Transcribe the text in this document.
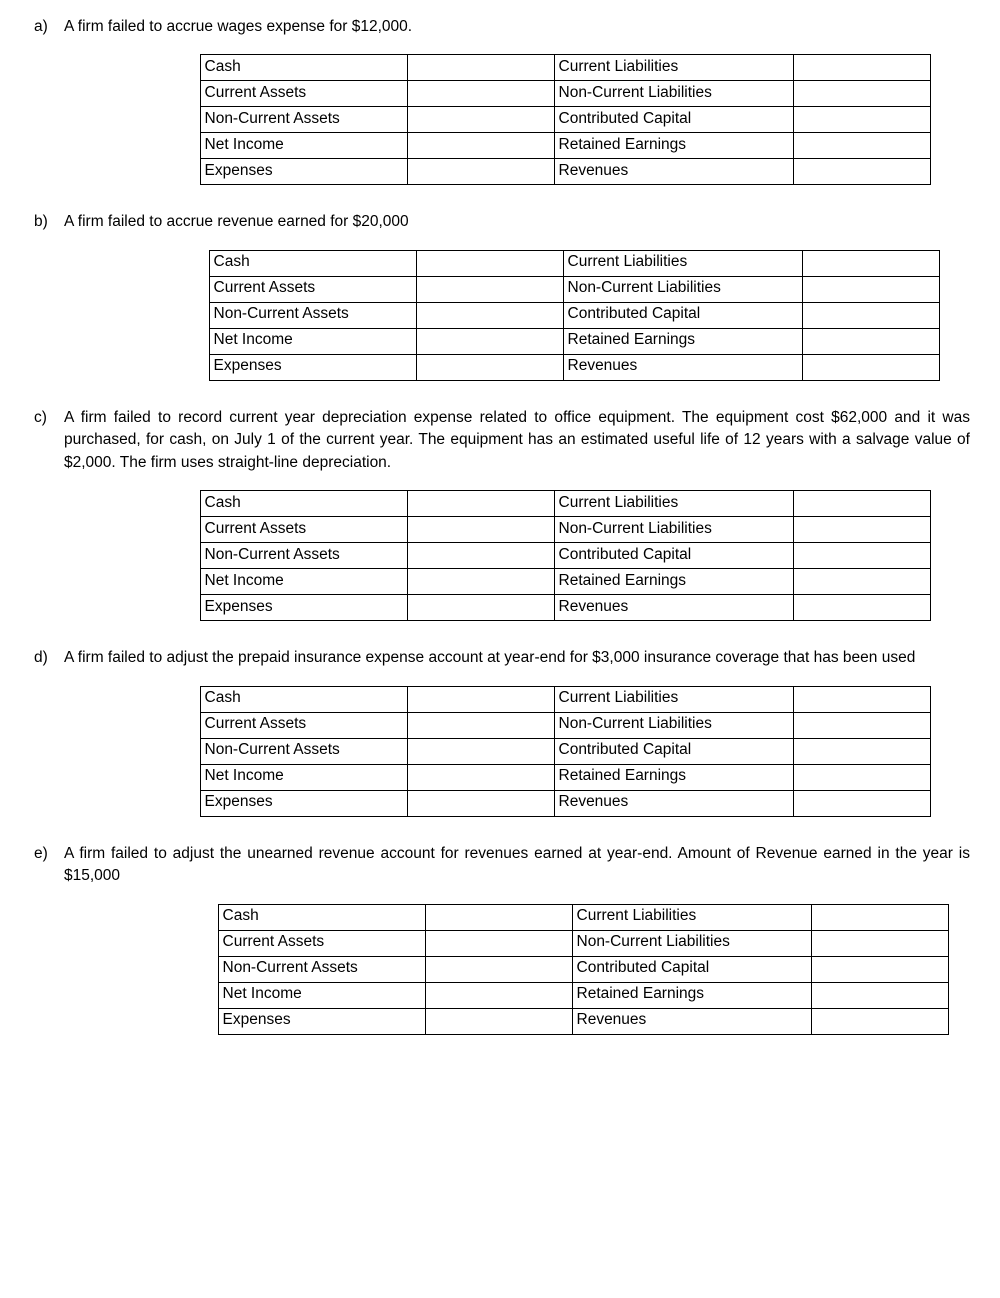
a)	A firm failed to accrue wages expense for $12,000.
Cash		Current Liabilities	
Current Assets		Non-Current Liabilities	
Non-Current Assets		Contributed Capital	
Net Income		Retained Earnings	
Expenses		Revenues	
b)	A firm failed to accrue revenue earned for $20,000
Cash		Current Liabilities	
Current Assets		Non-Current Liabilities	
Non-Current Assets		Contributed Capital	
Net Income		Retained Earnings	
Expenses		Revenues	
c)	A firm failed to record current year depreciation expense related to office equipment. The equipment cost $62,000 and it was purchased, for cash, on July 1 of the current year. The equipment has an estimated useful life of 12 years with a salvage value of $2,000. The firm uses straight-line depreciation.
Cash		Current Liabilities	
Current Assets		Non-Current Liabilities	
Non-Current Assets		Contributed Capital	
Net Income		Retained Earnings	
Expenses		Revenues	
d)	A firm failed to adjust the prepaid insurance expense account at year-end for $3,000 insurance coverage that has been used
Cash		Current Liabilities	
Current Assets		Non-Current Liabilities	
Non-Current Assets		Contributed Capital	
Net Income		Retained Earnings	
Expenses		Revenues	
e)	A firm failed to adjust the unearned revenue account for revenues earned at year-end. Amount of Revenue earned in the year is $15,000
Cash		Current Liabilities	
Current Assets		Non-Current Liabilities	
Non-Current Assets		Contributed Capital	
Net Income		Retained Earnings	
Expenses		Revenues	
